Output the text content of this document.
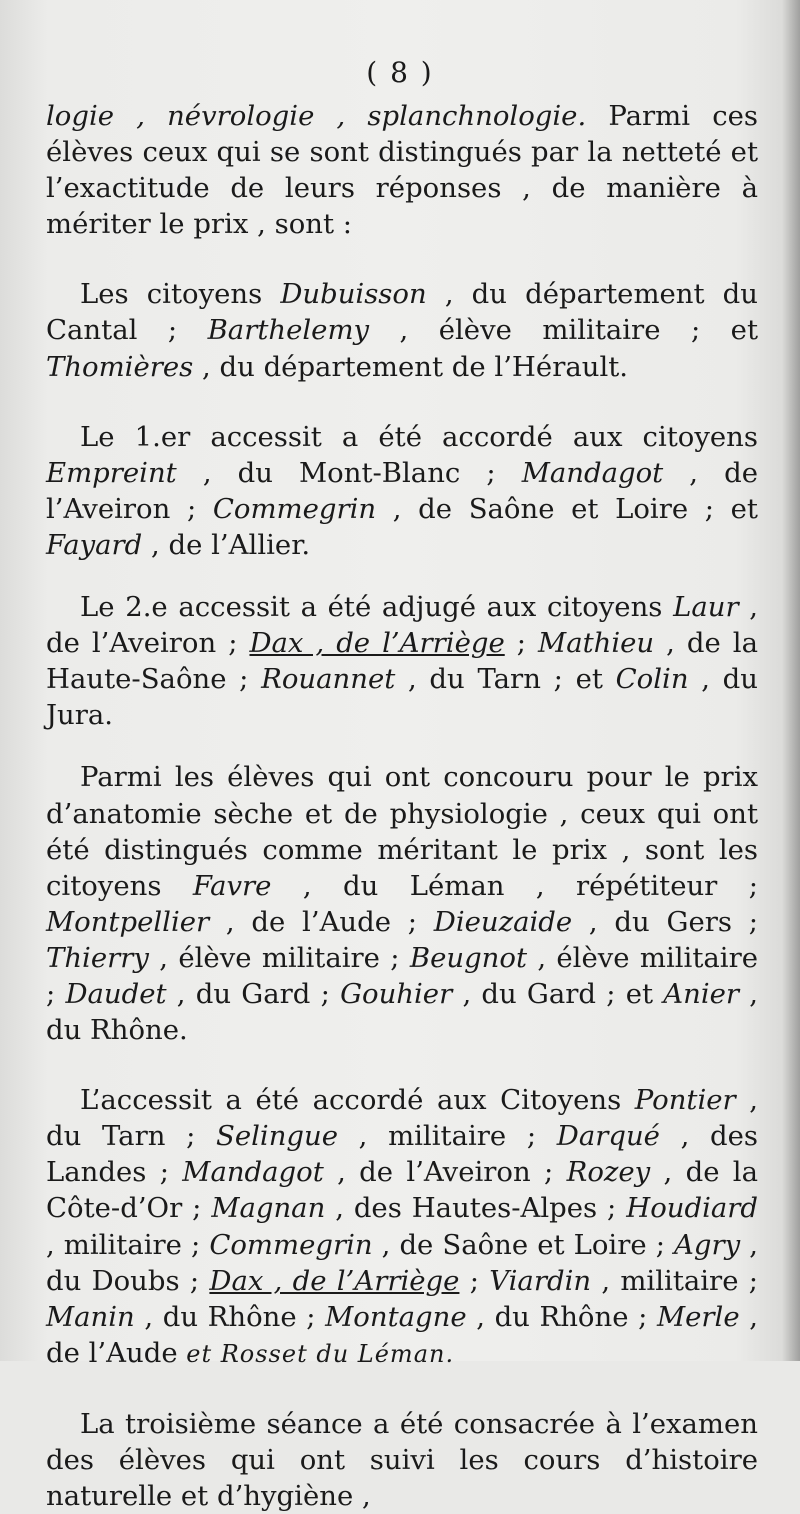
( 8 )

logie , névrologie , splanchnologie. Parmi ces élèves ceux qui se sont distingués par la netteté et l’exactitude de leurs réponses , de manière à mériter le prix , sont :

Les citoyens Dubuisson , du département du Cantal ; Barthelemy , élève militaire ; et Thomières , du département de l’Hérault.

Le 1.er accessit a été accordé aux citoyens Empreint , du Mont-Blanc ; Mandagot , de l’Aveiron ; Commegrin , de Saône et Loire ; et Fayard , de l’Allier.

Le 2.e accessit a été adjugé aux citoyens Laur , de l’Aveiron ; Dax , de l’Arriège ; Mathieu , de la Haute-Saône ; Rouannet , du Tarn ; et Colin , du Jura.

Parmi les élèves qui ont concouru pour le prix d’anatomie sèche et de physiologie , ceux qui ont été distingués comme méritant le prix , sont les citoyens Favre , du Léman , répétiteur ; Montpellier , de l’Aude ; Dieuzaide , du Gers ; Thierry , élève militaire ; Beugnot , élève militaire ; Daudet , du Gard ; Gouhier , du Gard ; et Anier , du Rhône.

L’accessit a été accordé aux Citoyens Pontier , du Tarn ; Selingue , militaire ; Darqué , des Landes ; Mandagot , de l’Aveiron ; Rozey , de la Côte-d’Or ; Magnan , des Hautes-Alpes ; Houdiard , militaire ; Commegrin , de Saône et Loire ; Agry , du Doubs ; Dax , de l’Arriège ; Viardin , militaire ; Manin , du Rhône ; Montagne , du Rhône ; Merle , de l’Aude et Rosset du Léman.

La troisième séance a été consacrée à l’examen des élèves qui ont suivi les cours d’histoire naturelle et d’hygiène ,
